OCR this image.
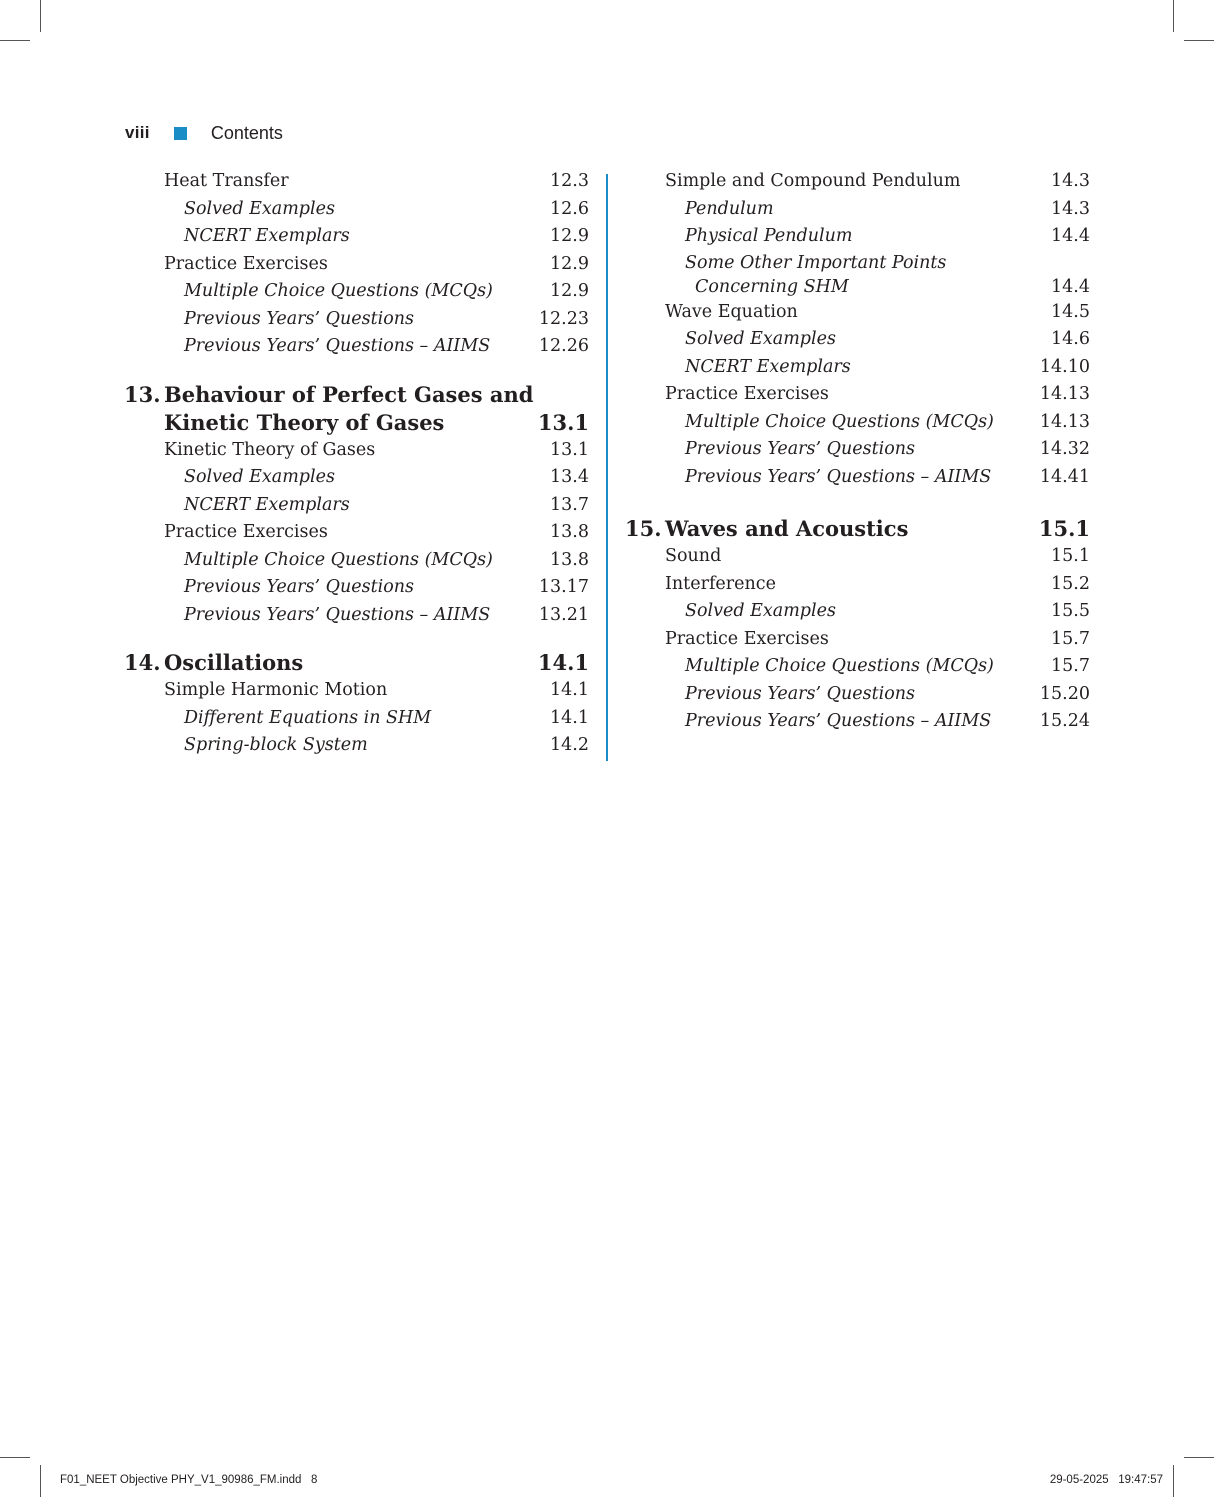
viii	Contents
Heat Transfer	12.3
Solved Examples	12.6
NCERT Exemplars	12.9
Practice Exercises	12.9
Multiple Choice Questions (MCQs)	12.9
Previous Years’ Questions	12.23
Previous Years’ Questions – AIIMS	12.26
13. Behaviour of Perfect Gases and
Kinetic Theory of Gases	13.1
Kinetic Theory of Gases	13.1
Solved Examples	13.4
NCERT Exemplars	13.7
Practice Exercises	13.8
Multiple Choice Questions (MCQs)	13.8
Previous Years’ Questions	13.17
Previous Years’ Questions – AIIMS	13.21
14. Oscillations	14.1
Simple Harmonic Motion	14.1
Different Equations in SHM	14.1
Spring-block System	14.2
Simple and Compound Pendulum	14.3
Pendulum	14.3
Physical Pendulum	14.4
Some Other Important Points
Concerning SHM	14.4
Wave Equation	14.5
Solved Examples	14.6
NCERT Exemplars	14.10
Practice Exercises	14.13
Multiple Choice Questions (MCQs)	14.13
Previous Years’ Questions	14.32
Previous Years’ Questions – AIIMS	14.41
15. Waves and Acoustics	15.1
Sound	15.1
Interference	15.2
Solved Examples	15.5
Practice Exercises	15.7
Multiple Choice Questions (MCQs)	15.7
Previous Years’ Questions	15.20
Previous Years’ Questions – AIIMS	15.24
F01_NEET Objective PHY_V1_90986_FM.indd   8	29-05-2025   19:47:57
